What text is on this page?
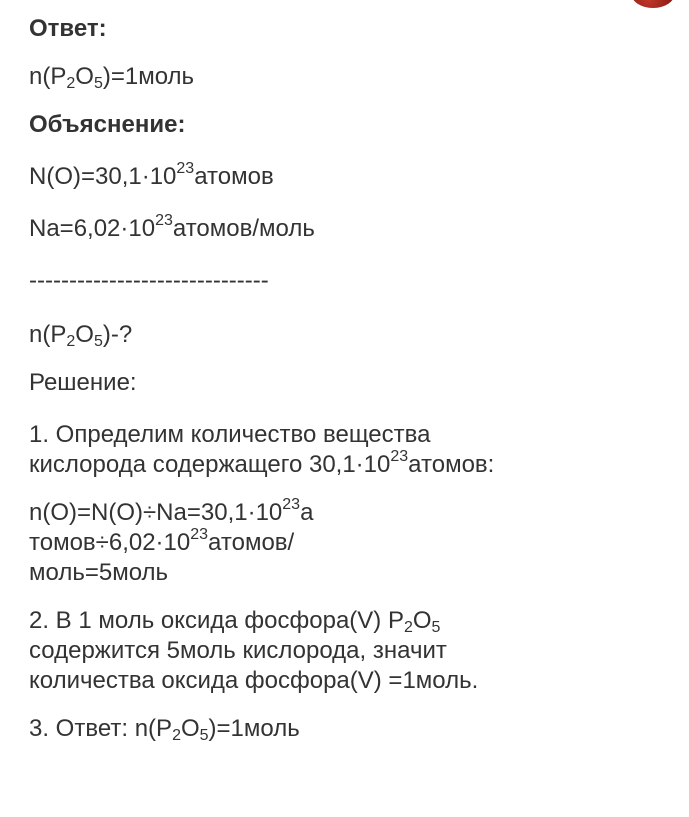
Ответ:
$n(P_2O_5)=1моль$
Объяснение:
$N(O)=30,1\cdot 10^{23}атомов$
$Na=6,02\cdot 10^{23}атомов$/моль
------------------------------
$n(P_2O_5)-$?
Решение:
1. Определим количество вещества
кислорода содержащего $30,1\cdot 10^{23}атомов$:
$n(O)=N(O)\div Na=30,1\cdot 10^{23}а$
$томов\div 6,02\cdot 10^{23}атомов/$
моль=5моль
2. В 1 моль оксида фосфора(V) $P_2O_5$
содержится 5моль кислорода, значит
количества оксида фосфора(V) =1моль.
3. Ответ: $n(P_2O_5)=1моль$
